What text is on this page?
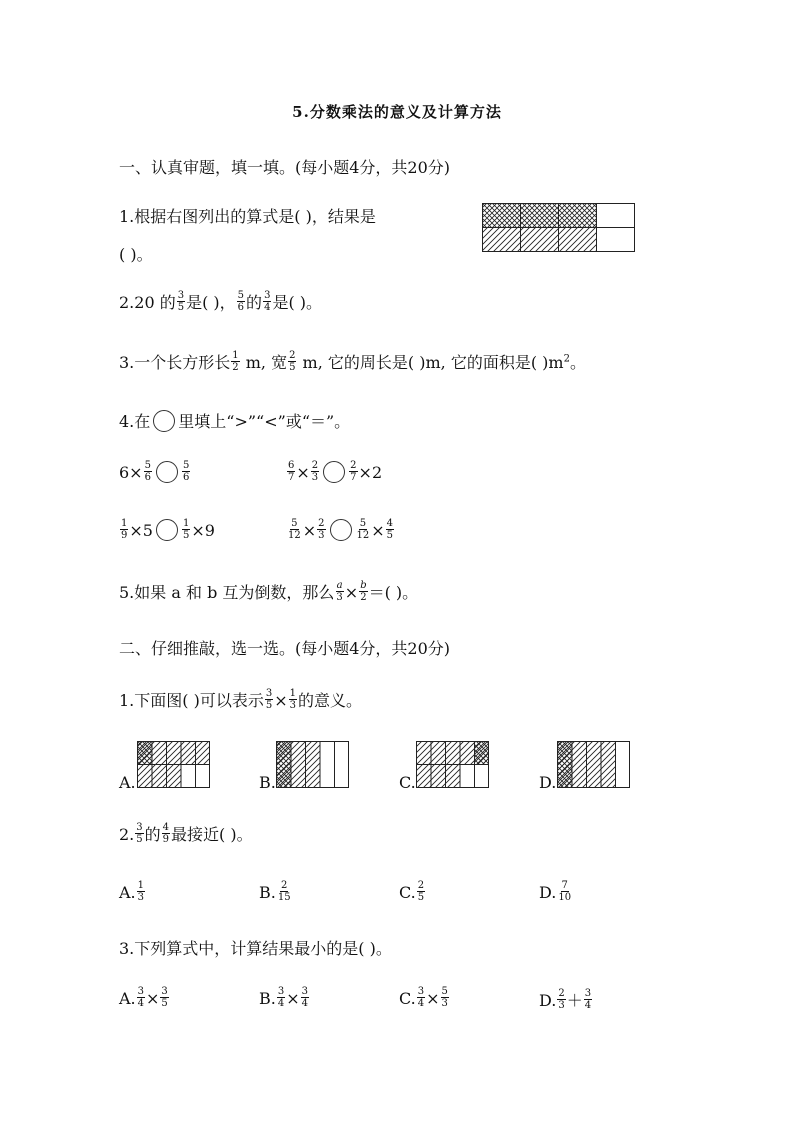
5.分数乘法的意义及计算方法
一、认真审题，填一填。(每小题4分，共20分)
1.根据右图列出的算式是( )，结果是
( )。
2.20 的 $\frac{3}{5}$ 是( )， $\frac{5}{6}$ 的 $\frac{3}{4}$ 是( )。
3.一个长方形长 $\frac{1}{2} m$, 宽 $\frac{2}{5} m$, 它的周长是( )m, 它的面积是( )$m^2$。
4.在 里填上“>”“<”或“＝”。
$6\times \frac{5}{6}$	$\frac{5}{6}$	$\frac{6}{7} \times \frac{2}{3}$	$\frac{2}{7} \times 2$
$\frac{1}{9} \times 5$	$\frac{1}{5} \times 9$	$\frac{5}{12} \times \frac{2}{3}$	$\frac{5}{12} \times \frac{4}{5}$
5.如果 a 和 b 互为倒数，那么 $\frac{a}{3} \times \frac{b}{2}$ ＝( )。
二、仔细推敲，选一选。(每小题4分，共20分)
1.下面图( )可以表示 $\frac{3}{5} \times \frac{1}{3}$ 的意义。
A.	B.	C.	D.
2. $\frac{3}{5}$ 的 $\frac{4}{9}$ 最接近( )。
A. $\frac{1}{3}$	B. $\frac{2}{15}$	C. $\frac{2}{5}$	D. $\frac{7}{10}$
3.下列算式中，计算结果最小的是( )。
A. $\frac{3}{4} \times \frac{3}{5}$	B. $\frac{3}{4} \times \frac{3}{4}$	C. $\frac{3}{4} \times \frac{5}{3}$	D. $\frac{2}{3} + \frac{3}{4}$
